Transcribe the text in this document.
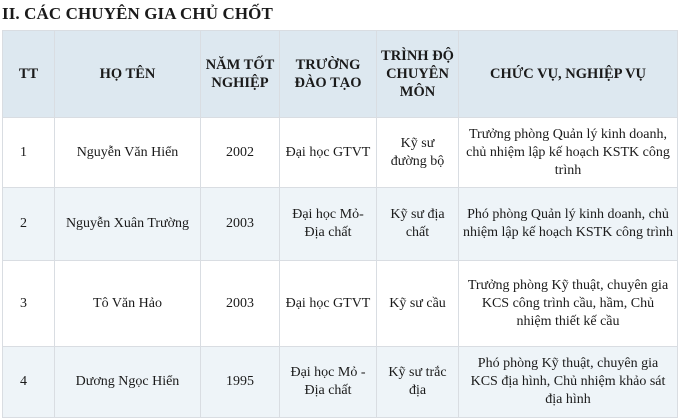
II. CÁC CHUYÊN GIA CHỦ CHỐT
TT	HỌ TÊN	NĂM TỐT NGHIỆP	TRƯỜNG ĐÀO TẠO	TRÌNH ĐỘ CHUYÊN MÔN	CHỨC VỤ, NGHIỆP VỤ
1	Nguyễn Văn Hiển	2002	Đại học GTVT	Kỹ sư đường bộ	Trưởng phòng Quản lý kinh doanh, chủ nhiệm lập kế hoạch KSTK công trình
2	Nguyễn Xuân Trường	2003	Đại học Mỏ-Địa chất	Kỹ sư địa chất	Phó phòng Quản lý kinh doanh, chủ nhiệm lập kế hoạch KSTK công trình
3	Tô Văn Hảo	2003	Đại học GTVT	Kỹ sư cầu	Trưởng phòng Kỹ thuật, chuyên gia KCS công trình cầu, hầm, Chủ nhiệm thiết kế cầu
4	Dương Ngọc Hiển	1995	Đại học Mỏ - Địa chất	Kỹ sư trắc địa	Phó phòng Kỹ thuật, chuyên gia KCS địa hình, Chủ nhiệm khảo sát địa hình
